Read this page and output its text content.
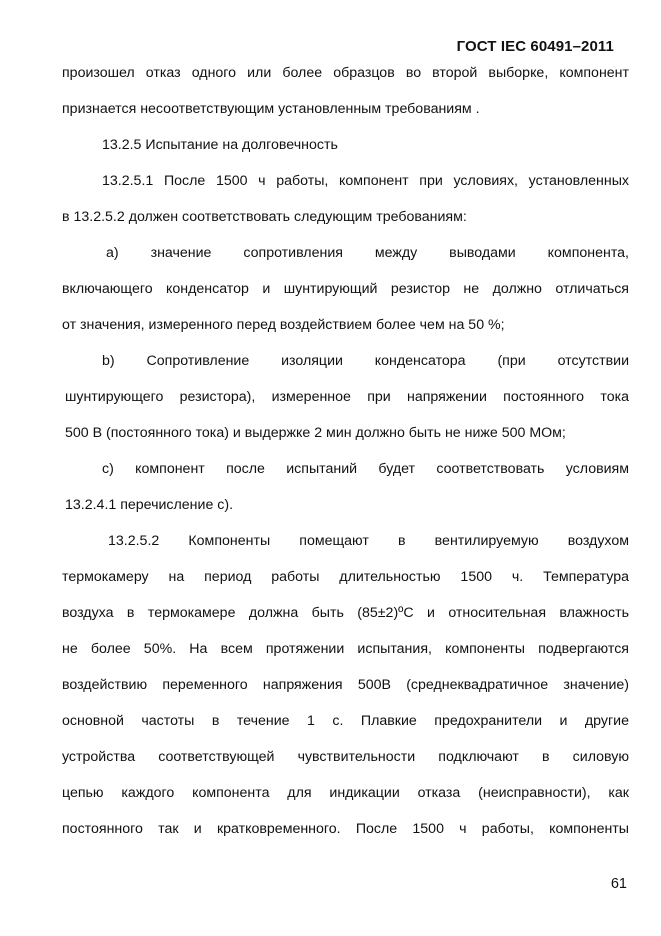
ГОСТ IEC 60491–2011
произошел отказ одного или более образцов во второй выборке, компонент
признается несоответствующим установленным требованиям .
13.2.5 Испытание на долговечность
13.2.5.1 После 1500 ч работы, компонент при условиях, установленных
в 13.2.5.2 должен соответствовать следующим требованиям:
a) значение сопротивления между выводами компонента,
включающего конденсатор и шунтирующий резистор не должно отличаться
от значения, измеренного перед воздействием более чем на 50 %;
b) Сопротивление изоляции конденсатора (при отсутствии
шунтирующего резистора), измеренное при напряжении постоянного тока
500 В (постоянного тока) и выдержке 2 мин должно быть не ниже 500 МОм;
c) компонент после испытаний будет соответствовать условиям
13.2.4.1 перечисление с).
13.2.5.2 Компоненты помещают в вентилируемую воздухом
термокамеру на период работы длительностью 1500 ч. Температура
воздуха в термокамере должна быть (85±2)ºС и относительная влажность
не более 50%. На всем протяжении испытания, компоненты подвергаются
воздействию переменного напряжения 500В (среднеквадратичное значение)
основной частоты в течение 1 с. Плавкие предохранители и другие
устройства соответствующей чувствительности подключают в силовую
цепью каждого компонента для индикации отказа (неисправности), как
постоянного так и кратковременного. После 1500 ч работы, компоненты
61
